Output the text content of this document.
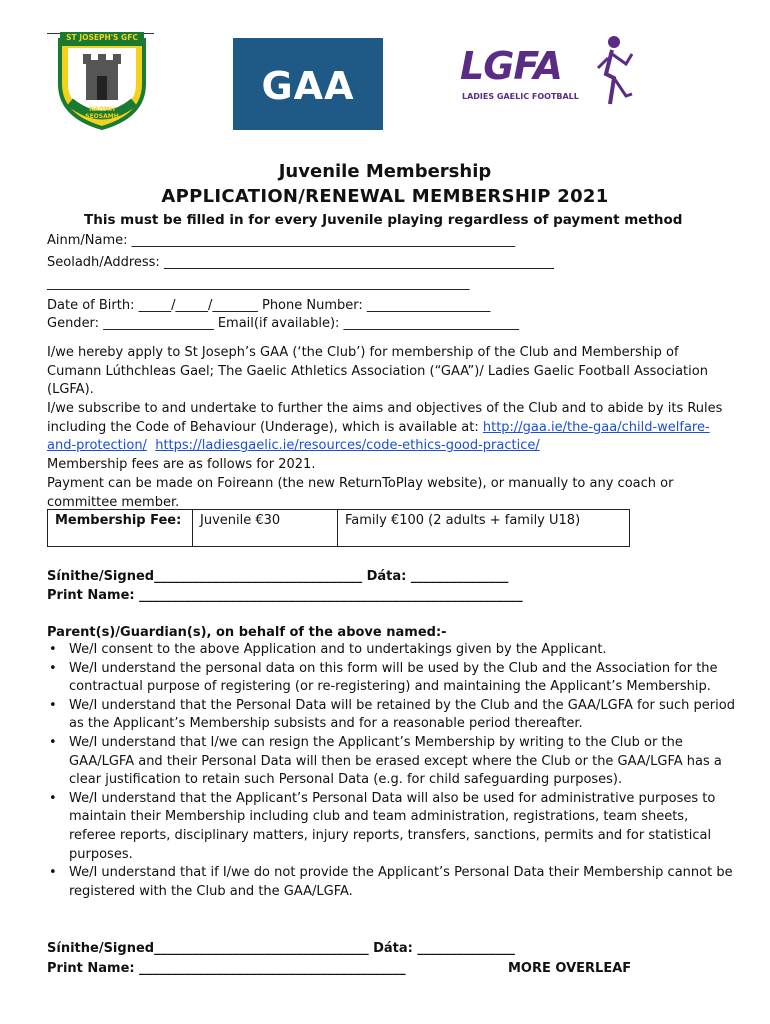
ST JOSEPH'S GFC
NAOMH SEOSAMH
GAA	LGFA
LADIES GAELIC FOOTBALL
Juvenile Membership
APPLICATION/RENEWAL MEMBERSHIP 2021
This must be filled in for every Juvenile playing regardless of payment method
Ainm/Name: ___________________________________________________________
Seoladh/Address: ____________________________________________________________
_________________________________________________________________
Date of Birth: _____/_____/_______ Phone Number: ___________________
Gender: _________________ Email(if available): ___________________________
I/we hereby apply to St Joseph’s GAA (‘the Club’) for membership of the Club and Membership of Cumann Lúthchleas Gael; The Gaelic Athletics Association (“GAA”)/ Ladies Gaelic Football Association (LGFA).
I/we subscribe to and undertake to further the aims and objectives of the Club and to abide by its Rules including the Code of Behaviour (Underage), which is available at: http://gaa.ie/the-gaa/child-welfare-and-protection/ https://ladiesgaelic.ie/resources/code-ethics-good-practice/
Membership fees are as follows for 2021.
Payment can be made on Foireann (the new ReturnToPlay website), or manually to any coach or committee member.
Membership Fee:	Juvenile €30	Family €100 (2 adults + family U18)
Sínithe/Signed________________________________ Dáta: _______________
Print Name: ___________________________________________________________
Parent(s)/Guardian(s), on behalf of the above named:-
• We/I consent to the above Application and to undertakings given by the Applicant.
• We/I understand the personal data on this form will be used by the Club and the Association for the contractual purpose of registering (or re-registering) and maintaining the Applicant’s Membership.
• We/I understand that the Personal Data will be retained by the Club and the GAA/LGFA for such period as the Applicant’s Membership subsists and for a reasonable period thereafter.
• We/I understand that I/we can resign the Applicant’s Membership by writing to the Club or the GAA/LGFA and their Personal Data will then be erased except where the Club or the GAA/LGFA has a clear justification to retain such Personal Data (e.g. for child safeguarding purposes).
• We/I understand that the Applicant’s Personal Data will also be used for administrative purposes to maintain their Membership including club and team administration, registrations, team sheets, referee reports, disciplinary matters, injury reports, transfers, sanctions, permits and for statistical purposes.
• We/I understand that if I/we do not provide the Applicant’s Personal Data their Membership cannot be registered with the Club and the GAA/LGFA.
Sínithe/Signed_________________________________ Dáta: _______________
Print Name: _________________________________________	MORE OVERLEAF
